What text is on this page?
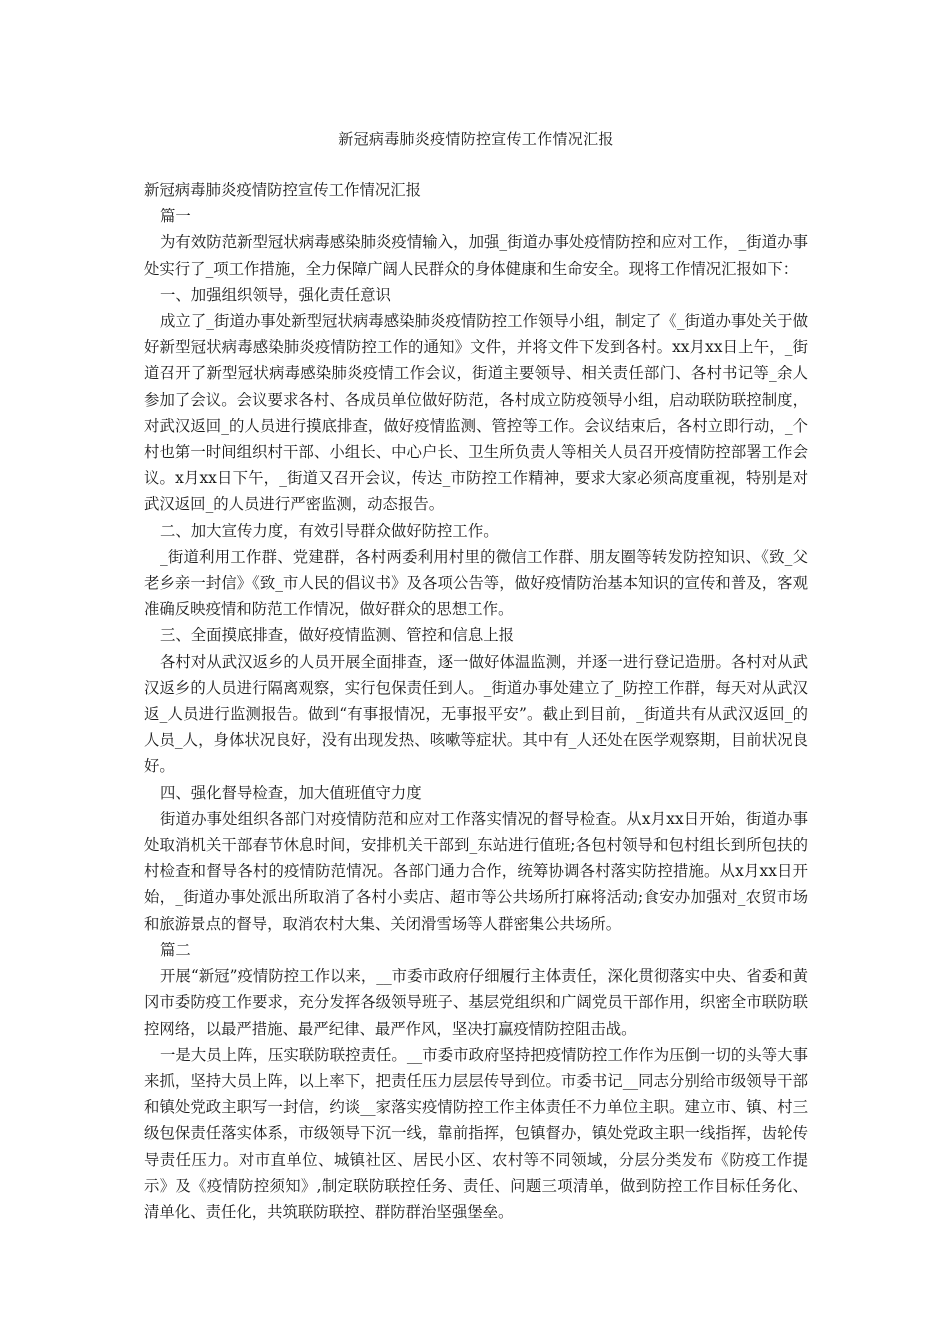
新冠病毒肺炎疫情防控宣传工作情况汇报

新冠病毒肺炎疫情防控宣传工作情况汇报

篇一

为有效防范新型冠状病毒感染肺炎疫情输入，加强_街道办事处疫情防控和应对工作，_街道办事处实行了_项工作措施，全力保障广阔人民群众的身体健康和生命安全。现将工作情况汇报如下：

一、加强组织领导，强化责任意识

成立了_街道办事处新型冠状病毒感染肺炎疫情防控工作领导小组，制定了《_街道办事处关于做好新型冠状病毒感染肺炎疫情防控工作的通知》文件，并将文件下发到各村。xx月xx日上午，_街道召开了新型冠状病毒感染肺炎疫情工作会议，街道主要领导、相关责任部门、各村书记等_余人参加了会议。会议要求各村、各成员单位做好防范，各村成立防疫领导小组，启动联防联控制度，对武汉返回_的人员进行摸底排查，做好疫情监测、管控等工作。会议结束后，各村立即行动，_个村也第一时间组织村干部、小组长、中心户长、卫生所负责人等相关人员召开疫情防控部署工作会议。x月xx日下午，_街道又召开会议，传达_市防控工作精神，要求大家必须高度重视，特别是对武汉返回_的人员进行严密监测，动态报告。

二、加大宣传力度，有效引导群众做好防控工作。

_街道利用工作群、党建群，各村两委利用村里的微信工作群、朋友圈等转发防控知识、《致_父老乡亲一封信》《致_市人民的倡议书》及各项公告等，做好疫情防治基本知识的宣传和普及，客观准确反映疫情和防范工作情况，做好群众的思想工作。

三、全面摸底排查，做好疫情监测、管控和信息上报

各村对从武汉返乡的人员开展全面排查，逐一做好体温监测，并逐一进行登记造册。各村对从武汉返乡的人员进行隔离观察，实行包保责任到人。_街道办事处建立了_防控工作群，每天对从武汉返_人员进行监测报告。做到“有事报情况，无事报平安”。截止到目前，_街道共有从武汉返回_的人员_人，身体状况良好，没有出现发热、咳嗽等症状。其中有_人还处在医学观察期，目前状况良好。

四、强化督导检查，加大值班值守力度

街道办事处组织各部门对疫情防范和应对工作落实情况的督导检查。从x月xx日开始，街道办事处取消机关干部春节休息时间，安排机关干部到_东站进行值班;各包村领导和包村组长到所包扶的村检查和督导各村的疫情防范情况。各部门通力合作，统筹协调各村落实防控措施。从x月xx日开始，_街道办事处派出所取消了各村小卖店、超市等公共场所打麻将活动;食安办加强对_农贸市场和旅游景点的督导，取消农村大集、关闭滑雪场等人群密集公共场所。

篇二

开展“新冠”疫情防控工作以来，__市委市政府仔细履行主体责任，深化贯彻落实中央、省委和黄冈市委防疫工作要求，充分发挥各级领导班子、基层党组织和广阔党员干部作用，织密全市联防联控网络，以最严措施、最严纪律、最严作风，坚决打赢疫情防控阻击战。

一是大员上阵，压实联防联控责任。__市委市政府坚持把疫情防控工作作为压倒一切的头等大事来抓，坚持大员上阵，以上率下，把责任压力层层传导到位。市委书记__同志分别给市级领导干部和镇处党政主职写一封信，约谈__家落实疫情防控工作主体责任不力单位主职。建立市、镇、村三级包保责任落实体系，市级领导下沉一线，靠前指挥，包镇督办，镇处党政主职一线指挥，齿轮传导责任压力。对市直单位、城镇社区、居民小区、农村等不同领域，分层分类发布《防疫工作提示》及《疫情防控须知》,制定联防联控任务、责任、问题三项清单，做到防控工作目标任务化、清单化、责任化，共筑联防联控、群防群治坚强堡垒。
